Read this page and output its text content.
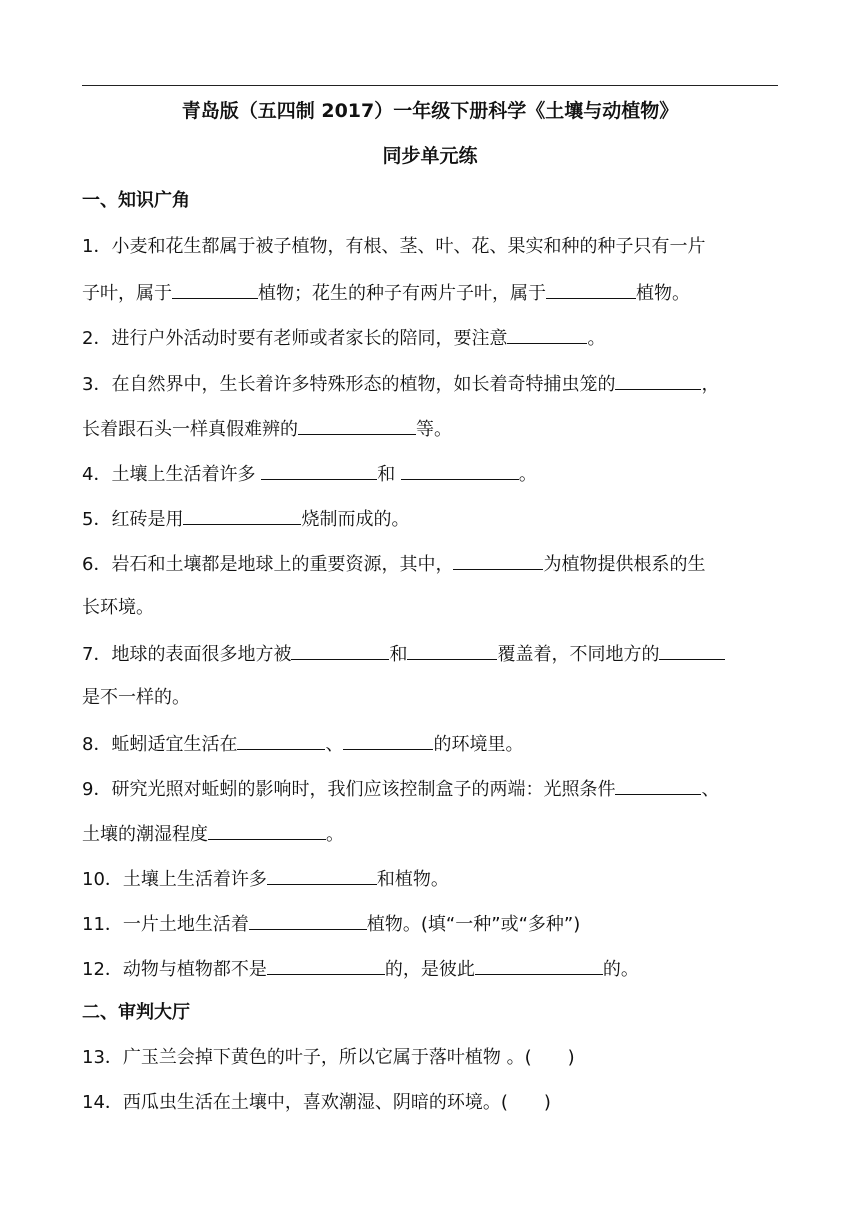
青岛版（五四制 2017）一年级下册科学《土壤与动植物》
同步单元练
一、知识广角
1．小麦和花生都属于被子植物，有根、茎、叶、花、果实和种的种子只有一片
子叶，属于	植物；花生的种子有两片子叶，属于	植物。
2．进行户外活动时要有老师或者家长的陪同，要注意	。
3．在自然界中，生长着许多特殊形态的植物，如长着奇特捕虫笼的	，
长着跟石头一样真假难辨的	等。
4．土壤上生活着许多	和	。
5．红砖是用	烧制而成的。
6．岩石和土壤都是地球上的重要资源，其中，	为植物提供根系的生
长环境。
7．地球的表面很多地方被	和	覆盖着，不同地方的
是不一样的。
8．蚯蚓适宜生活在	、	的环境里。
9．研究光照对蚯蚓的影响时，我们应该控制盒子的两端：光照条件	、
土壤的潮湿程度	。
10．土壤上生活着许多	和植物。
11．一片土地生活着	植物。(填“一种”或“多种”)
12．动物与植物都不是	的，是彼此	的。
二、审判大厅
13．广玉兰会掉下黄色的叶子，所以它属于落叶植物 。(　　)
14．西瓜虫生活在土壤中，喜欢潮湿、阴暗的环境。(　　)
